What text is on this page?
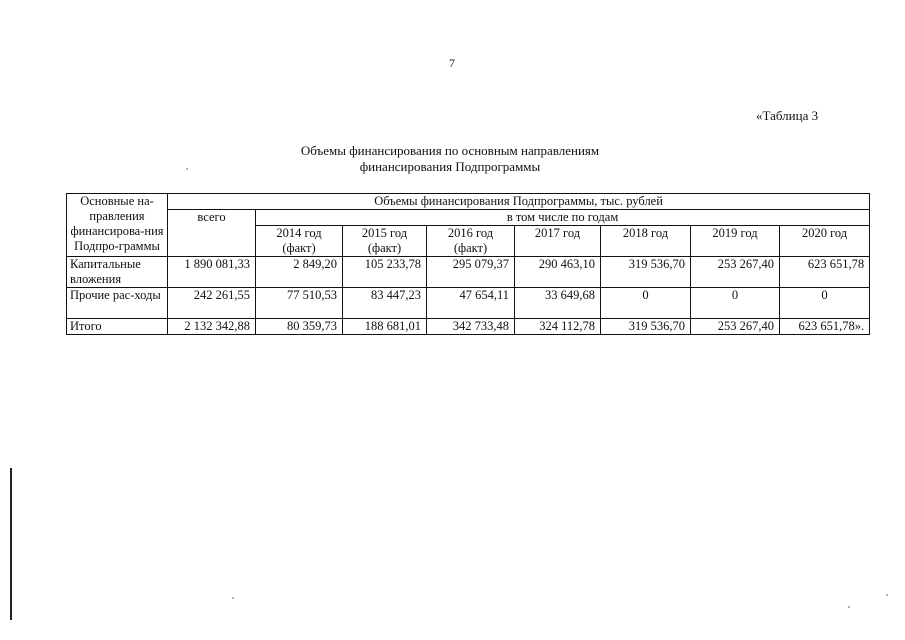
7
«Таблица 3
Объемы финансирования по основным направлениям
финансирования Подпрограммы
Основные на-правления финансирова-ния Подпро-граммы	Объемы финансирования Подпрограммы, тыс. рублей							
	всего	в том числе по годам						
		2014 год (факт)	2015 год (факт)	2016 год (факт)	2017 год	2018 год	2019 год	2020 год

Капитальные вложения	1 890 081,33	2 849,20	105 233,78	295 079,37	290 463,10	319 536,70	253 267,40	623 651,78
Прочие рас-ходы	242 261,55	77 510,53	83 447,23	47 654,11	33 649,68	0	0	0
Итого	2 132 342,88	80 359,73	188 681,01	342 733,48	324 112,78	319 536,70	253 267,40	623 651,78».
